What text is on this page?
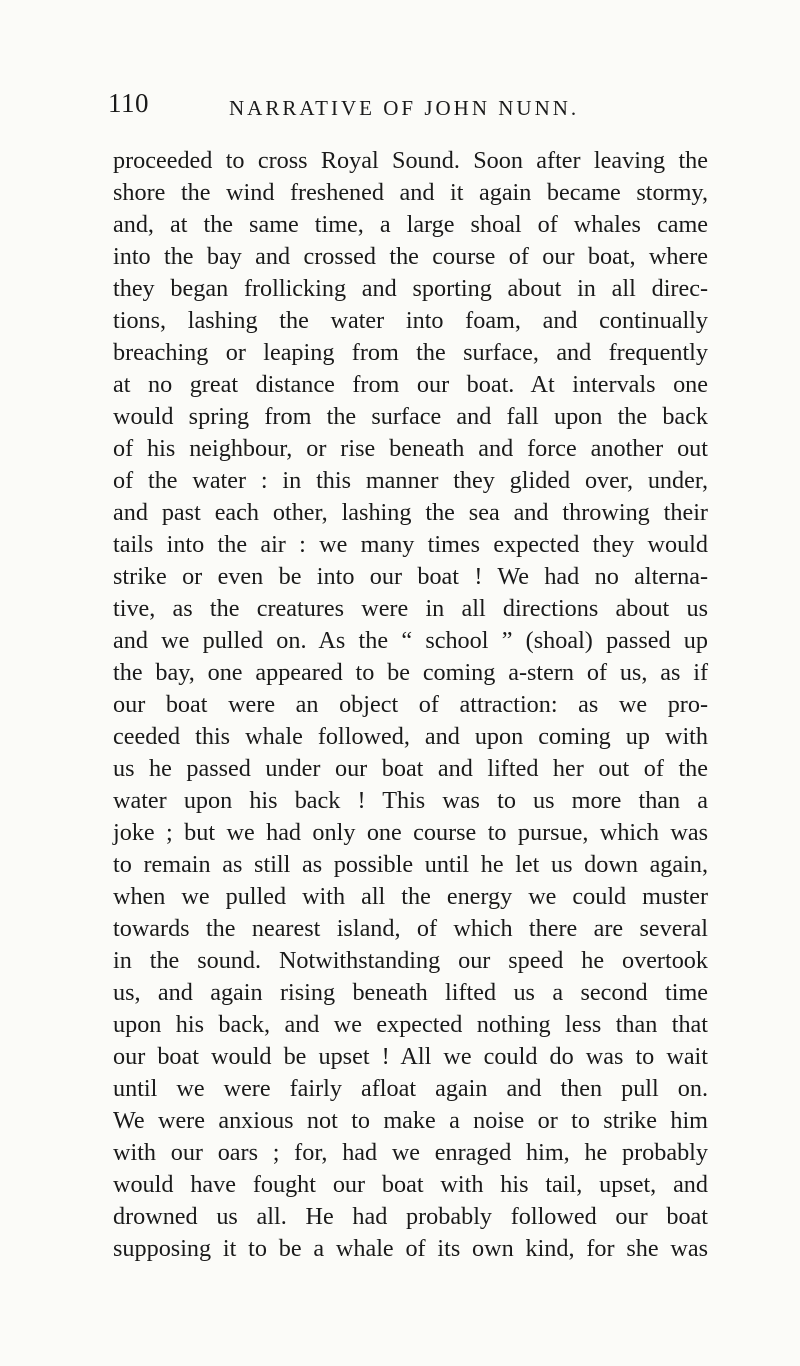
110	NARRATIVE OF JOHN NUNN.
proceeded to cross Royal Sound. Soon after leaving the
shore the wind freshened and it again became stormy,
and, at the same time, a large shoal of whales came
into the bay and crossed the course of our boat, where
they began frollicking and sporting about in all direc-
tions, lashing the water into foam, and continually
breaching or leaping from the surface, and frequently
at no great distance from our boat. At intervals one
would spring from the surface and fall upon the back
of his neighbour, or rise beneath and force another out
of the water : in this manner they glided over, under,
and past each other, lashing the sea and throwing their
tails into the air : we many times expected they would
strike or even be into our boat ! We had no alterna-
tive, as the creatures were in all directions about us
and we pulled on. As the “ school ” (shoal) passed up
the bay, one appeared to be coming a-stern of us, as if
our boat were an object of attraction: as we pro-
ceeded this whale followed, and upon coming up with
us he passed under our boat and lifted her out of the
water upon his back ! This was to us more than a
joke ; but we had only one course to pursue, which was
to remain as still as possible until he let us down again,
when we pulled with all the energy we could muster
towards the nearest island, of which there are several
in the sound. Notwithstanding our speed he overtook
us, and again rising beneath lifted us a second time
upon his back, and we expected nothing less than that
our boat would be upset ! All we could do was to wait
until we were fairly afloat again and then pull on.
We were anxious not to make a noise or to strike him
with our oars ; for, had we enraged him, he probably
would have fought our boat with his tail, upset, and
drowned us all. He had probably followed our boat
supposing it to be a whale of its own kind, for she was
